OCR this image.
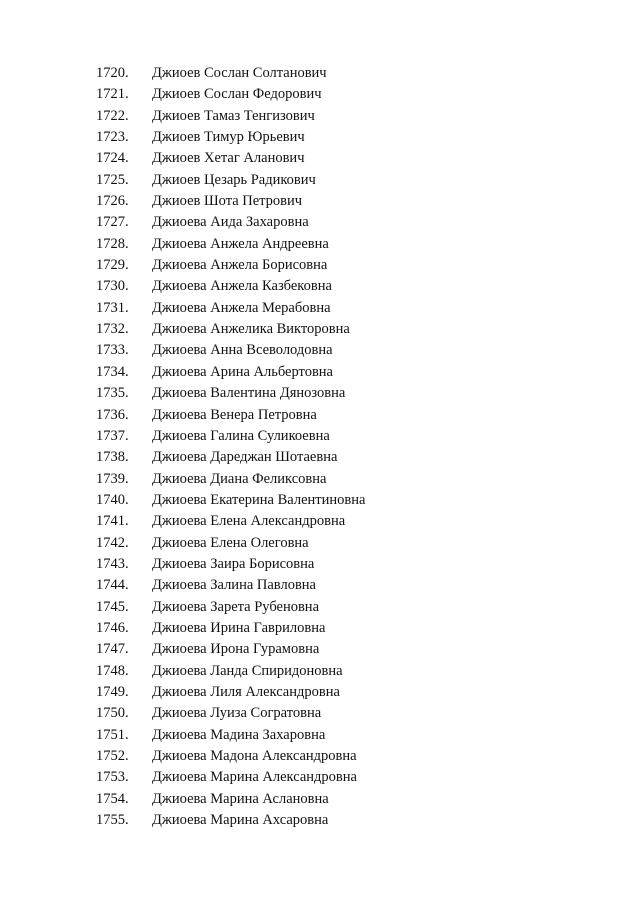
1720.	Джиоев Сослан Солтанович
1721.	Джиоев Сослан Федорович
1722.	Джиоев Тамаз Тенгизович
1723.	Джиоев Тимур Юрьевич
1724.	Джиоев Хетаг Аланович
1725.	Джиоев Цезарь Радикович
1726.	Джиоев Шота Петрович
1727.	Джиоева Аида Захаровна
1728.	Джиоева Анжела Андреевна
1729.	Джиоева Анжела Борисовна
1730.	Джиоева Анжела Казбековна
1731.	Джиоева Анжела Мерабовна
1732.	Джиоева Анжелика Викторовна
1733.	Джиоева Анна Всеволодовна
1734.	Джиоева Арина Альбертовна
1735.	Джиоева Валентина Дянозовна
1736.	Джиоева Венера Петровна
1737.	Джиоева Галина Суликоевна
1738.	Джиоева Дареджан Шотаевна
1739.	Джиоева Диана Феликсовна
1740.	Джиоева Екатерина Валентиновна
1741.	Джиоева Елена Александровна
1742.	Джиоева Елена Олеговна
1743.	Джиоева Заира Борисовна
1744.	Джиоева Залина Павловна
1745.	Джиоева Зарета Рубеновна
1746.	Джиоева Ирина Гавриловна
1747.	Джиоева Ирона Гурамовна
1748.	Джиоева Ланда Спиридоновна
1749.	Джиоева Лиля Александровна
1750.	Джиоева Луиза Согратовна
1751.	Джиоева Мадина Захаровна
1752.	Джиоева Мадона Александровна
1753.	Джиоева Марина Александровна
1754.	Джиоева Марина Аслановна
1755.	Джиоева Марина Ахсаровна
